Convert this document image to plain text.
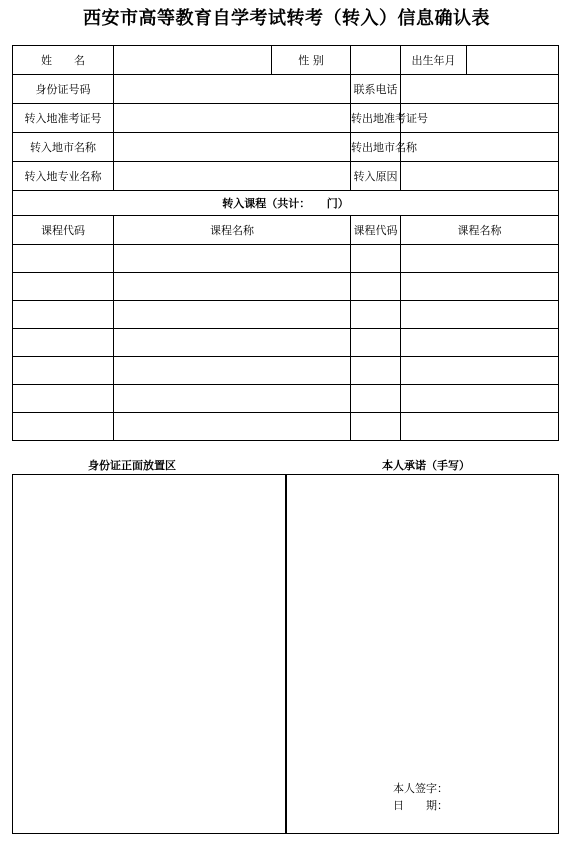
西安市高等教育自学考试转考（转入）信息确认表
姓　　名		性 别		出生年月	
身份证号码			联系电话		
转入地准考证号			转出地准考证号		
转入地市名称			转出地市名称		
转入地专业名称			转入原因		
转入课程（共计：　　门）					
课程代码	课程名称		课程代码	课程名称	

身份证正面放置区	本人承诺（手写）
本人签字：
日　　期：
